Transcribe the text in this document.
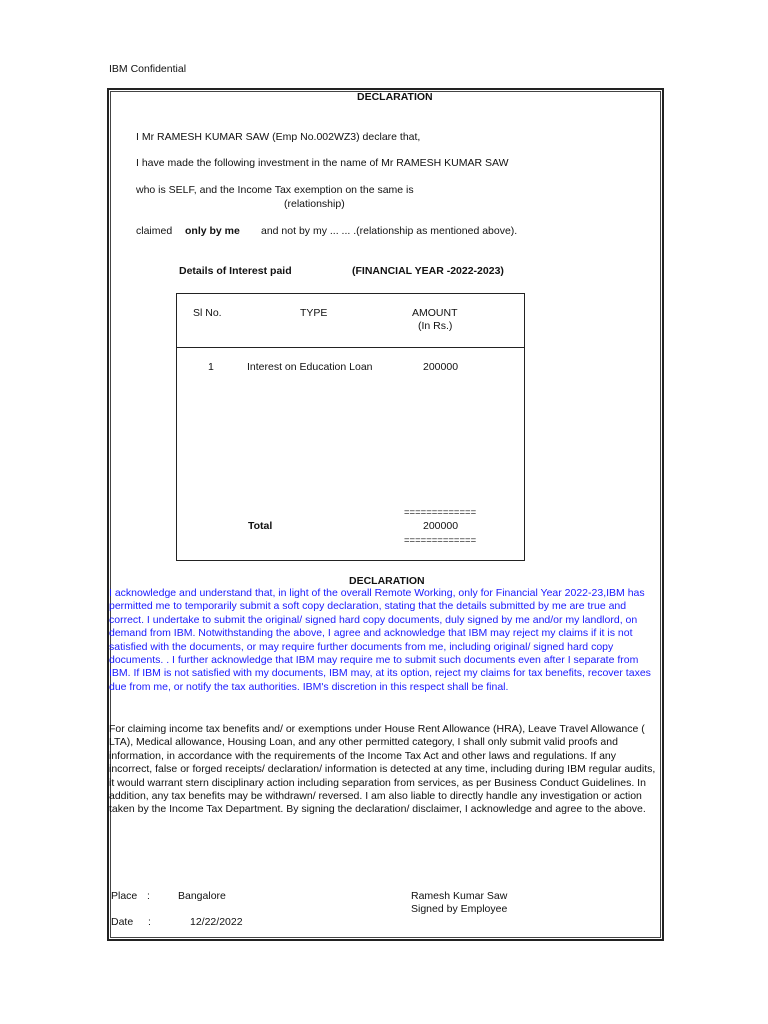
IBM Confidential
DECLARATION
I Mr RAMESH KUMAR SAW (Emp No.002WZ3) declare that,
I have made the following investment in the name of Mr RAMESH KUMAR SAW
who is SELF, and the Income Tax exemption on the same is
(relationship)
claimed only by me and not by my ... ... .(relationship as mentioned above).
Details of Interest paid	(FINANCIAL YEAR -2022-2023)
Sl No.	TYPE	AMOUNT
(In Rs.)
1	Interest on Education Loan	200000
=============
Total	200000
=============
DECLARATION
I acknowledge and understand that, in light of the overall Remote Working, only for Financial Year 2022-23,IBM has permitted me to temporarily submit a soft copy declaration, stating that the details submitted by me are true and correct. I undertake to submit the original/ signed hard copy documents, duly signed by me and/or my landlord, on demand from IBM. Notwithstanding the above, I agree and acknowledge that IBM may reject my claims if it is not satisfied with the documents, or may require further documents from me, including original/ signed hard copy documents. . I further acknowledge that IBM may require me to submit such documents even after I separate from IBM. If IBM is not satisfied with my documents, IBM may, at its option, reject my claims for tax benefits, recover taxes due from me, or notify the tax authorities. IBM's discretion in this respect shall be final.
For claiming income tax benefits and/ or exemptions under House Rent Allowance (HRA), Leave Travel Allowance ( LTA), Medical allowance, Housing Loan, and any other permitted category, I shall only submit valid proofs and information, in accordance with the requirements of the Income Tax Act and other laws and regulations. If any incorrect, false or forged receipts/ declaration/ information is detected at any time, including during IBM regular audits, it would warrant stern disciplinary action including separation from services, as per Business Conduct Guidelines. In addition, any tax benefits may be withdrawn/ reversed. I am also liable to directly handle any investigation or action taken by the Income Tax Department. By signing the declaration/ disclaimer, I acknowledge and agree to the above.
Place :	Bangalore	Ramesh Kumar Saw
Signed by Employee
Date :	12/22/2022
